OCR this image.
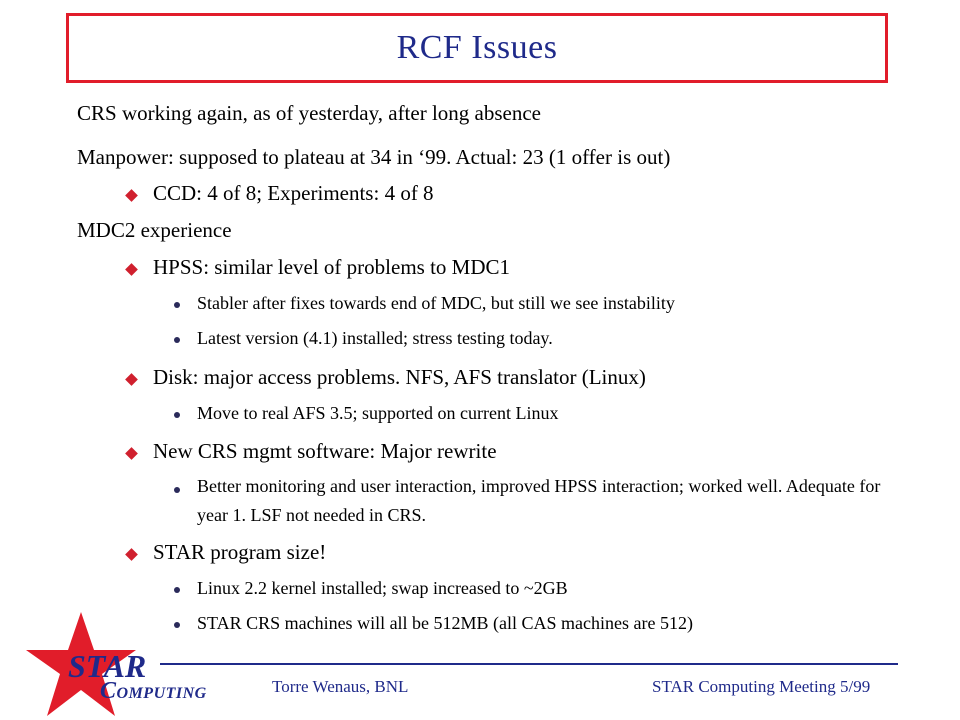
RCF Issues
CRS working again, as of yesterday, after long absence
Manpower: supposed to plateau at 34 in ‘99. Actual: 23 (1 offer is out)
CCD: 4 of 8; Experiments: 4 of 8
MDC2 experience
HPSS: similar level of problems to MDC1
Stabler after fixes towards end of MDC, but still we see instability
Latest version (4.1) installed; stress testing today.
Disk: major access problems. NFS, AFS translator (Linux)
Move to real AFS 3.5; supported on current Linux
New CRS mgmt software: Major rewrite
Better monitoring and user interaction, improved HPSS interaction; worked well. Adequate for year 1. LSF not needed in CRS.
STAR program size!
Linux 2.2 kernel installed; swap increased to ~2GB
STAR CRS machines will all be 512MB (all CAS machines are 512)
STAR
COMPUTING	Torre Wenaus, BNL	STAR Computing Meeting 5/99
